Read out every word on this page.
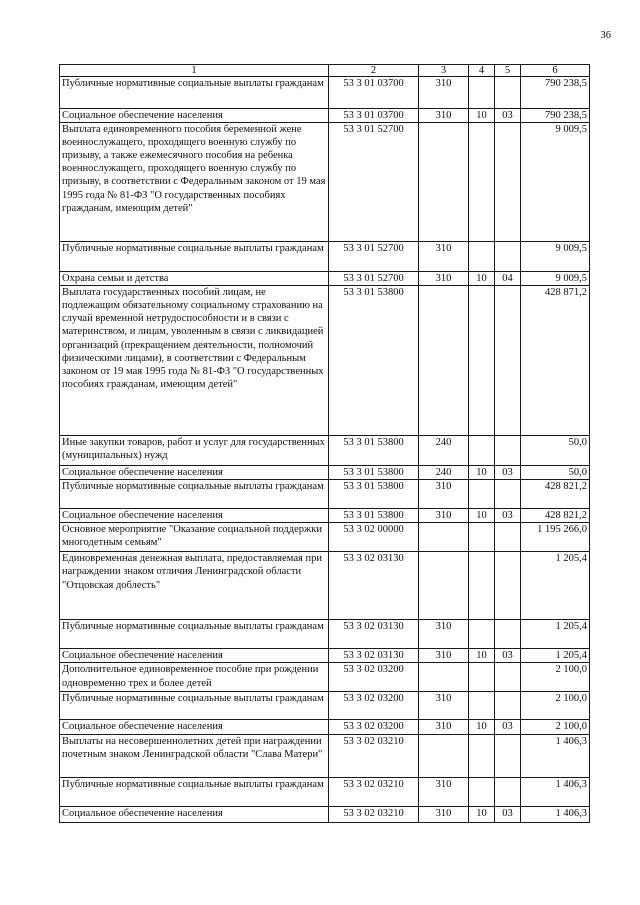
36
1	2	3	4	5	6
Публичные нормативные социальные выплаты гражданам	53 3 01 03700	310			790 238,5
Социальное обеспечение населения	53 3 01 03700	310	10	03	790 238,5
Выплата единовременного пособия беременной жене военнослужащего, проходящего военную службу по призыву, а также ежемесячного пособия на ребенка военнослужащего, проходящего военную службу по призыву, в соответствии с Федеральным законом от 19 мая 1995 года № 81-ФЗ "О государственных пособиях гражданам, имеющим детей"	53 3 01 52700				9 009,5
Публичные нормативные социальные выплаты гражданам	53 3 01 52700	310			9 009,5
Охрана семьи и детства	53 3 01 52700	310	10	04	9 009,5
Выплата государственных пособий лицам, не подлежащим обязательному социальному страхованию на случай временной нетрудоспособности и в связи с материнством, и лицам, уволенным в связи с ликвидацией организаций (прекращением деятельности, полномочий физическими лицами), в соответствии с Федеральным законом от 19 мая 1995 года № 81-ФЗ "О государственных пособиях гражданам, имеющим детей"	53 3 01 53800				428 871,2
Иные закупки товаров, работ и услуг для государственных (муниципальных) нужд	53 3 01 53800	240			50,0
Социальное обеспечение населения	53 3 01 53800	240	10	03	50,0
Публичные нормативные социальные выплаты гражданам	53 3 01 53800	310			428 821,2
Социальное обеспечение населения	53 3 01 53800	310	10	03	428 821,2
Основное мероприятие "Оказание социальной поддержки многодетным семьям"	53 3 02 00000				1 195 266,0
Единовременная денежная выплата, предоставляемая при награждении знаком отличия Ленинградской области "Отцовская доблесть"	53 3 02 03130				1 205,4
Публичные нормативные социальные выплаты гражданам	53 3 02 03130	310			1 205,4
Социальное обеспечение населения	53 3 02 03130	310	10	03	1 205,4
Дополнительное единовременное пособие при рождении одновременно трех и более детей	53 3 02 03200				2 100,0
Публичные нормативные социальные выплаты гражданам	53 3 02 03200	310			2 100,0
Социальное обеспечение населения	53 3 02 03200	310	10	03	2 100,0
Выплаты на несовершеннолетних детей при награждении почетным знаком Ленинградской области "Слава Матери"	53 3 02 03210				1 406,3
Публичные нормативные социальные выплаты гражданам	53 3 02 03210	310			1 406,3
Социальное обеспечение населения	53 3 02 03210	310	10	03	1 406,3
